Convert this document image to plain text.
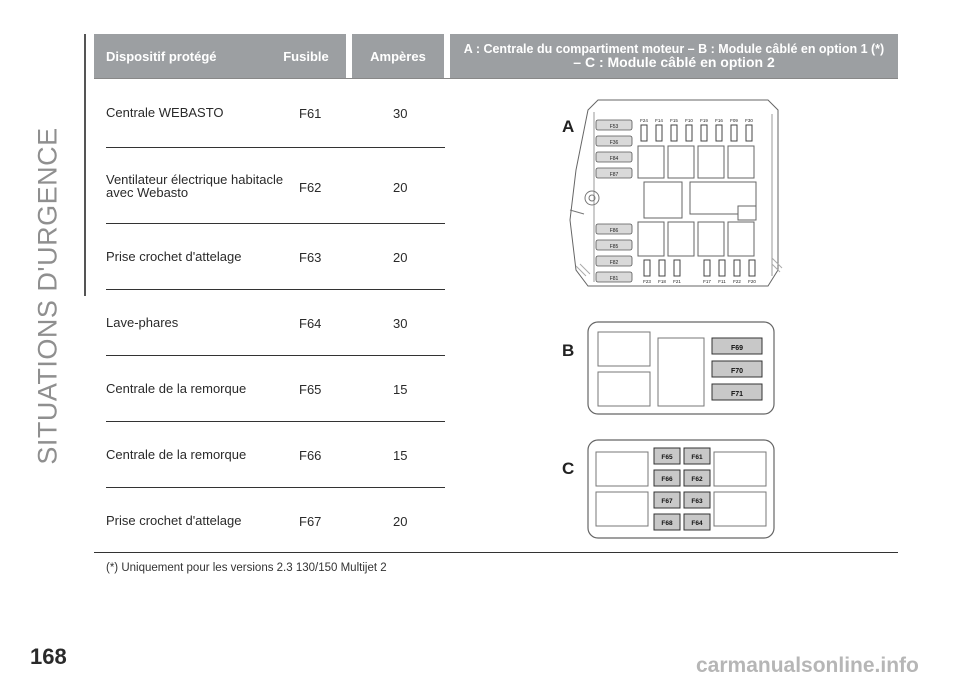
SITUATIONS D'URGENCE
Dispositif protégé	Fusible	Ampères	A : Centrale du compartiment moteur – B : Module câblé en option 1 (*)
– C : Module câblé en option 2
Centrale WEBASTO	F61	30
Ventilateur électrique habitacle avec Webasto	F62	20
Prise crochet d'attelage	F63	20
Lave-phares	F64	30
Centrale de la remorque	F65	15
Centrale de la remorque	F66	15
Prise crochet d'attelage	F67	20
(*) Uniquement pour les versions 2.3 130/150 Multijet 2
A	F53
F36
F84
F87
F86
F85
F82
F81
F24 F14 F15 F10 F19 F16 F09 F30
F23 F18 F21	F17 F11 F22 F20
B	F69
F70
F71
C
F65	F61
F66	F62
F67	F63
F68	F64
168	carmanualsonline.info
